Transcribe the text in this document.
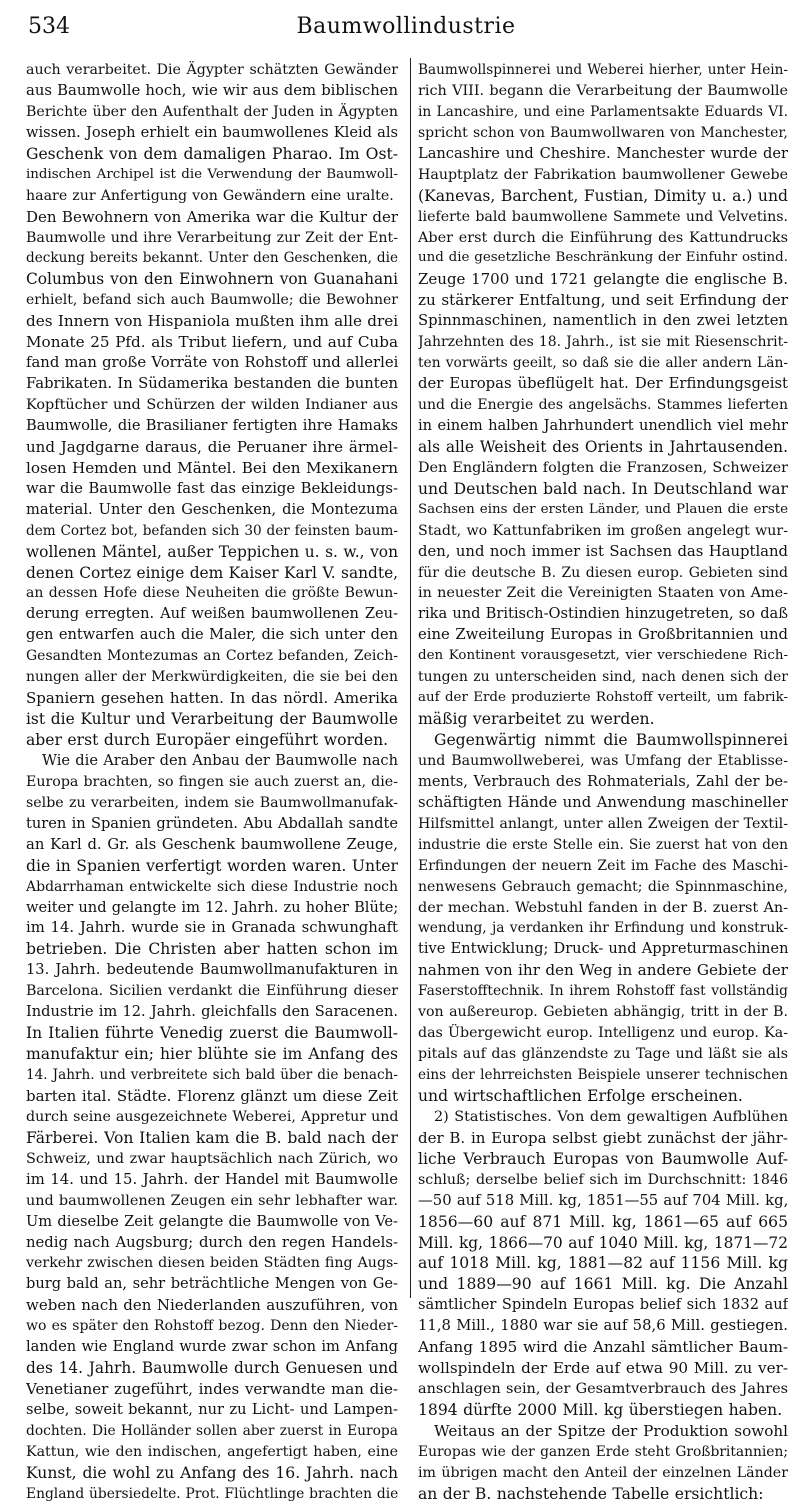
534	Baumwollindustrie
auch verarbeitet. Die Ägypter schätzten Gewänder
aus Baumwolle hoch, wie wir aus dem biblischen
Berichte über den Aufenthalt der Juden in Ägypten
wissen. Joseph erhielt ein baumwollenes Kleid als
Geschenk von dem damaligen Pharao. Im Ost-
indischen Archipel ist die Verwendung der Baumwoll-
haare zur Anfertigung von Gewändern eine uralte.
Den Bewohnern von Amerika war die Kultur der
Baumwolle und ihre Verarbeitung zur Zeit der Ent-
deckung bereits bekannt. Unter den Geschenken, die
Columbus von den Einwohnern von Guanahani
erhielt, befand sich auch Baumwolle; die Bewohner
des Innern von Hispaniola mußten ihm alle drei
Monate 25 Pfd. als Tribut liefern, und auf Cuba
fand man große Vorräte von Rohstoff und allerlei
Fabrikaten. In Südamerika bestanden die bunten
Kopftücher und Schürzen der wilden Indianer aus
Baumwolle, die Brasilianer fertigten ihre Hamaks
und Jagdgarne daraus, die Peruaner ihre ärmel-
losen Hemden und Mäntel. Bei den Mexikanern
war die Baumwolle fast das einzige Bekleidungs-
material. Unter den Geschenken, die Montezuma
dem Cortez bot, befanden sich 30 der feinsten baum-
wollenen Mäntel, außer Teppichen u. s. w., von
denen Cortez einige dem Kaiser Karl V. sandte,
an dessen Hofe diese Neuheiten die größte Bewun-
derung erregten. Auf weißen baumwollenen Zeu-
gen entwarfen auch die Maler, die sich unter den
Gesandten Montezumas an Cortez befanden, Zeich-
nungen aller der Merkwürdigkeiten, die sie bei den
Spaniern gesehen hatten. In das nördl. Amerika
ist die Kultur und Verarbeitung der Baumwolle
aber erst durch Europäer eingeführt worden.
Wie die Araber den Anbau der Baumwolle nach
Europa brachten, so fingen sie auch zuerst an, die-
selbe zu verarbeiten, indem sie Baumwollmanufak-
turen in Spanien gründeten. Abu Abdallah sandte
an Karl d. Gr. als Geschenk baumwollene Zeuge,
die in Spanien verfertigt worden waren. Unter
Abdarrhaman entwickelte sich diese Industrie noch
weiter und gelangte im 12. Jahrh. zu hoher Blüte;
im 14. Jahrh. wurde sie in Granada schwunghaft
betrieben. Die Christen aber hatten schon im
13. Jahrh. bedeutende Baumwollmanufakturen in
Barcelona. Sicilien verdankt die Einführung dieser
Industrie im 12. Jahrh. gleichfalls den Saracenen.
In Italien führte Venedig zuerst die Baumwoll-
manufaktur ein; hier blühte sie im Anfang des
14. Jahrh. und verbreitete sich bald über die benach-
barten ital. Städte. Florenz glänzt um diese Zeit
durch seine ausgezeichnete Weberei, Appretur und
Färberei. Von Italien kam die B. bald nach der
Schweiz, und zwar hauptsächlich nach Zürich, wo
im 14. und 15. Jahrh. der Handel mit Baumwolle
und baumwollenen Zeugen ein sehr lebhafter war.
Um dieselbe Zeit gelangte die Baumwolle von Ve-
nedig nach Augsburg; durch den regen Handels-
verkehr zwischen diesen beiden Städten fing Augs-
burg bald an, sehr beträchtliche Mengen von Ge-
weben nach den Niederlanden auszuführen, von
wo es später den Rohstoff bezog. Denn den Nieder-
landen wie England wurde zwar schon im Anfang
des 14. Jahrh. Baumwolle durch Genuesen und
Venetianer zugeführt, indes verwandte man die-
selbe, soweit bekannt, nur zu Licht- und Lampen-
dochten. Die Holländer sollen aber zuerst in Europa
Kattun, wie den indischen, angefertigt haben, eine
Kunst, die wohl zu Anfang des 16. Jahrh. nach
England übersiedelte. Prot. Flüchtlinge brachten die
Baumwollspinnerei und Weberei hierher, unter Hein-
rich VIII. begann die Verarbeitung der Baumwolle
in Lancashire, und eine Parlamentsakte Eduards VI.
spricht schon von Baumwollwaren von Manchester,
Lancashire und Cheshire. Manchester wurde der
Hauptplatz der Fabrikation baumwollener Gewebe
(Kanevas, Barchent, Fustian, Dimity u. a.) und
lieferte bald baumwollene Sammete und Velvetins.
Aber erst durch die Einführung des Kattundrucks
und die gesetzliche Beschränkung der Einfuhr ostind.
Zeuge 1700 und 1721 gelangte die englische B.
zu stärkerer Entfaltung, und seit Erfindung der
Spinnmaschinen, namentlich in den zwei letzten
Jahrzehnten des 18. Jahrh., ist sie mit Riesenschrit-
ten vorwärts geeilt, so daß sie die aller andern Län-
der Europas übeflügelt hat. Der Erfindungsgeist
und die Energie des angelsächs. Stammes lieferten
in einem halben Jahrhundert unendlich viel mehr
als alle Weisheit des Orients in Jahrtausenden.
Den Engländern folgten die Franzosen, Schweizer
und Deutschen bald nach. In Deutschland war
Sachsen eins der ersten Länder, und Plauen die erste
Stadt, wo Kattunfabriken im großen angelegt wur-
den, und noch immer ist Sachsen das Hauptland
für die deutsche B. Zu diesen europ. Gebieten sind
in neuester Zeit die Vereinigten Staaten von Ame-
rika und Britisch-Ostindien hinzugetreten, so daß
eine Zweiteilung Europas in Großbritannien und
den Kontinent vorausgesetzt, vier verschiedene Rich-
tungen zu unterscheiden sind, nach denen sich der
auf der Erde produzierte Rohstoff verteilt, um fabrik-
mäßig verarbeitet zu werden.
Gegenwärtig nimmt die Baumwollspinnerei
und Baumwollweberei, was Umfang der Etablisse-
ments, Verbrauch des Rohmaterials, Zahl der be-
schäftigten Hände und Anwendung maschineller
Hilfsmittel anlangt, unter allen Zweigen der Textil-
industrie die erste Stelle ein. Sie zuerst hat von den
Erfindungen der neuern Zeit im Fache des Maschi-
nenwesens Gebrauch gemacht; die Spinnmaschine,
der mechan. Webstuhl fanden in der B. zuerst An-
wendung, ja verdanken ihr Erfindung und konstruk-
tive Entwicklung; Druck- und Appreturmaschinen
nahmen von ihr den Weg in andere Gebiete der
Faserstofftechnik. In ihrem Rohstoff fast vollständig
von außereurop. Gebieten abhängig, tritt in der B.
das Übergewicht europ. Intelligenz und europ. Ka-
pitals auf das glänzendste zu Tage und läßt sie als
eins der lehrreichsten Beispiele unserer technischen
und wirtschaftlichen Erfolge erscheinen.
2) Statistisches. Von dem gewaltigen Aufblühen
der B. in Europa selbst giebt zunächst der jähr-
liche Verbrauch Europas von Baumwolle Auf-
schluß; derselbe belief sich im Durchschnitt: 1846
—50 auf 518 Mill. kg, 1851—55 auf 704 Mill. kg,
1856—60 auf 871 Mill. kg, 1861—65 auf 665
Mill. kg, 1866—70 auf 1040 Mill. kg, 1871—72
auf 1018 Mill. kg, 1881—82 auf 1156 Mill. kg
und 1889—90 auf 1661 Mill. kg. Die Anzahl
sämtlicher Spindeln Europas belief sich 1832 auf
11,8 Mill., 1880 war sie auf 58,6 Mill. gestiegen.
Anfang 1895 wird die Anzahl sämtlicher Baum-
wollspindeln der Erde auf etwa 90 Mill. zu ver-
anschlagen sein, der Gesamtverbrauch des Jahres
1894 dürfte 2000 Mill. kg überstiegen haben.
Weitaus an der Spitze der Produktion sowohl
Europas wie der ganzen Erde steht Großbritannien;
im übrigen macht den Anteil der einzelnen Länder
an der B. nachstehende Tabelle ersichtlich:
